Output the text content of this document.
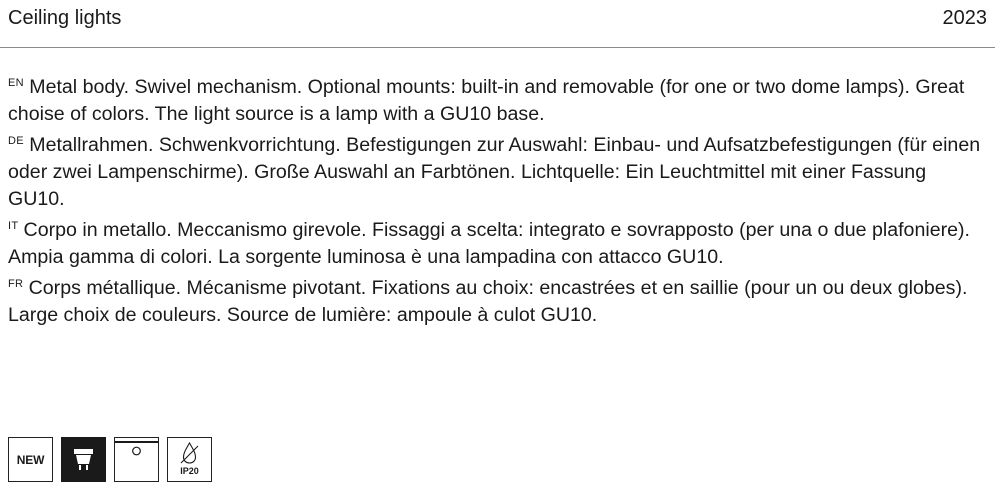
Ceiling lights	2023

$^{EN}$ Metal body. Swivel mechanism. Optional mounts: built-in and removable (for one or two dome lamps). Great choise of colors. The light source is a lamp with a GU10 base.

$^{DE}$ Metallrahmen. Schwenkvorrichtung. Befestigungen zur Auswahl: Einbau- und Aufsatzbefestigungen (für einen oder zwei Lampenschirme). Große Auswahl an Farbtönen. Lichtquelle: Ein Leuchtmittel mit einer Fassung GU10.

$^{IT}$ Corpo in metallo. Meccanismo girevole. Fissaggi a scelta: integrato e sovrapposto (per una o due plafoniere). Ampia gamma di colori. La sorgente luminosa è una lampadina con attacco GU10.

$^{FR}$ Corps métallique. Mécanisme pivotant. Fixations au choix: encastrées et en saillie (pour un ou deux globes). Large choix de couleurs. Source de lumière: ampoule à culot GU10.

NEW
IP20
